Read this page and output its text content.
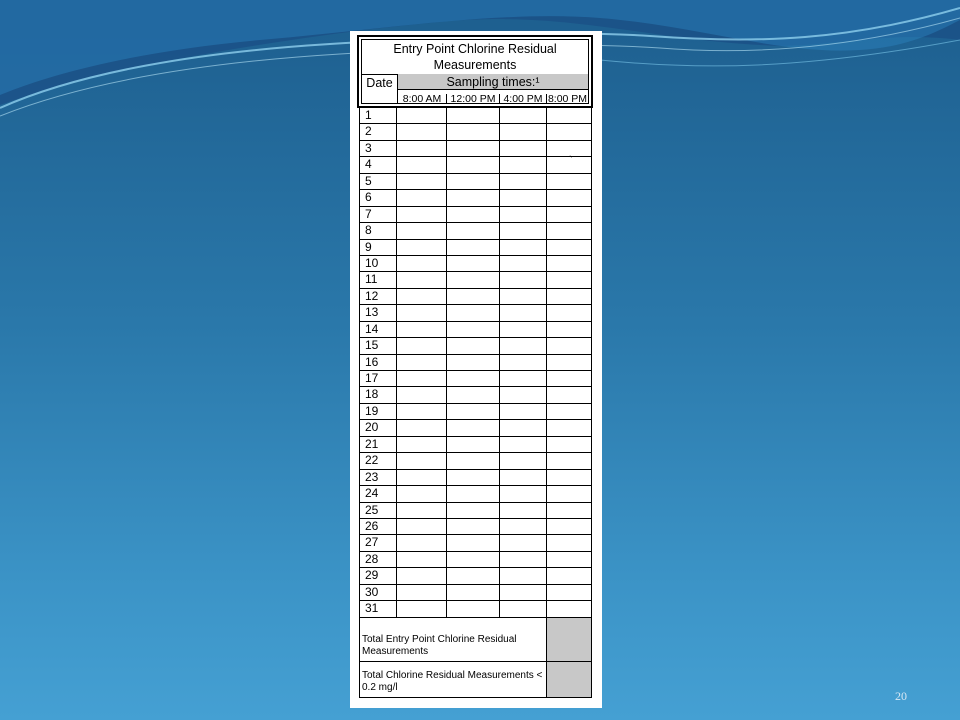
Entry Point Chlorine Residual Measurements
Date	Sampling times:¹
8:00 AM 12:00 PM 4:00 PM 8:00 PM
1
2
3
4	`
5
6
7
8
9
10
11
12
13
14
15
16
17
18
19
20
21
22
23
24
25
26
27
28
29
30
31
Total Entry Point Chlorine Residual Measurements
Total Chlorine Residual Measurements < 0.2 mg/l
20
